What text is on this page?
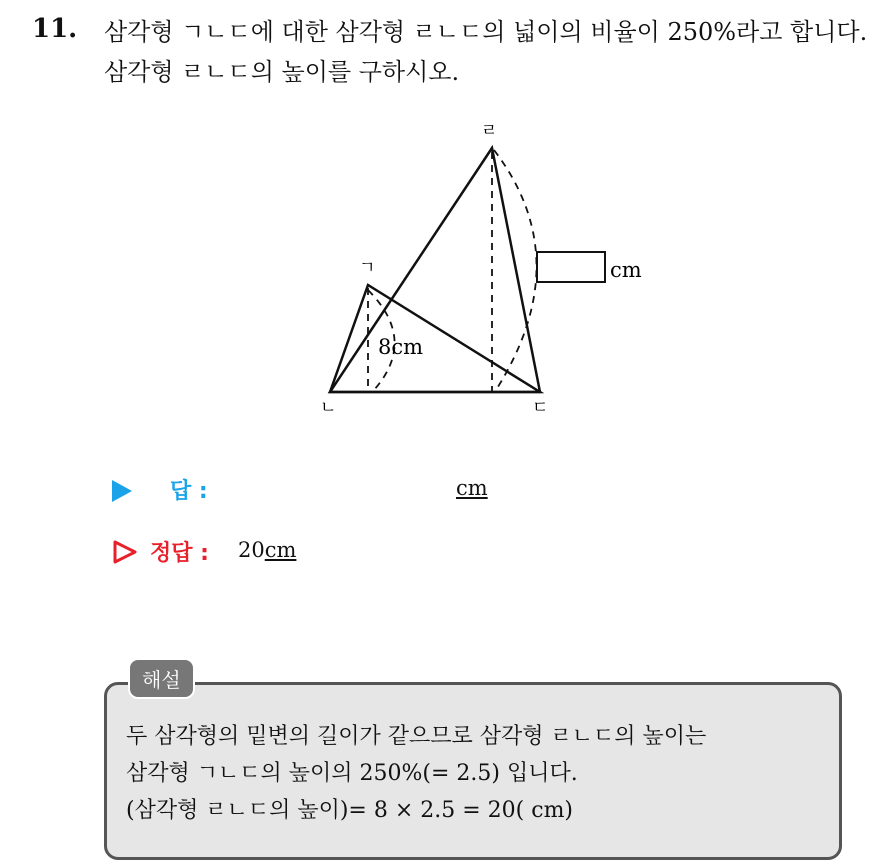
11. 삼각형 ㄱㄴㄷ에 대한 삼각형 ㄹㄴㄷ의 넓이의 비율이 250%라고 합니다. 삼각형 ㄹㄴㄷ의 높이를 구하시오.

cm
8cm
ㄹ
ㄱ
ㄴ	ㄷ
답 :	cm
정답 : 20cm
해설
두 삼각형의 밑변의 길이가 같으므로 삼각형 ㄹㄴㄷ의 높이는
삼각형 ㄱㄴㄷ의 높이의 250%(= 2.5) 입니다.
(삼각형 ㄹㄴㄷ의 높이)= 8 × 2.5 = 20( cm)
